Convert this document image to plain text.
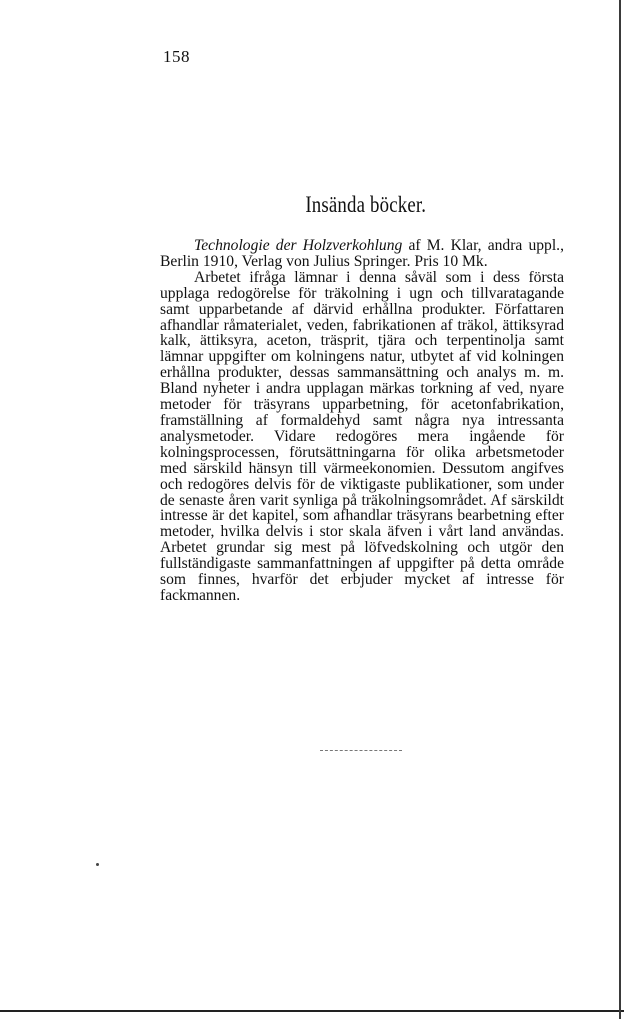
158
Insända böcker.

Technologie der Holzverkohlung af M. Klar, andra uppl., Berlin 1910, Verlag von Julius Springer. Pris 10 Mk.

Arbetet ifråga lämnar i denna såväl som i dess första upplaga redogörelse för träkolning i ugn och tillvaratagande samt upparbetande af därvid erhållna produkter. Författaren afhandlar råmaterialet, veden, fabrikationen af träkol, ättiksyrad kalk, ättiksyra, aceton, träsprit, tjära och terpentinolja samt lämnar uppgifter om kolningens natur, utbytet af vid kolningen erhållna produkter, dessas sammansättning och analys m. m. Bland nyheter i andra upplagan märkas torkning af ved, nyare metoder för träsyrans upparbetning, för acetonfabrikation, framställning af formaldehyd samt några nya intressanta analysmetoder. Vidare redogöres mera ingående för kolningsprocessen, förutsättningarna för olika arbetsmetoder med särskild hänsyn till värmeekonomien. Dessutom angifves och redogöres delvis för de viktigaste publikationer, som under de senaste åren varit synliga på träkolningsområdet. Af särskildt intresse är det kapitel, som afhandlar träsyrans bearbetning efter metoder, hvilka delvis i stor skala äfven i vårt land användas. Arbetet grundar sig mest på löfvedskolning och utgör den fullständigaste sammanfattningen af uppgifter på detta område som finnes, hvarför det erbjuder mycket af intresse för fackmannen.
